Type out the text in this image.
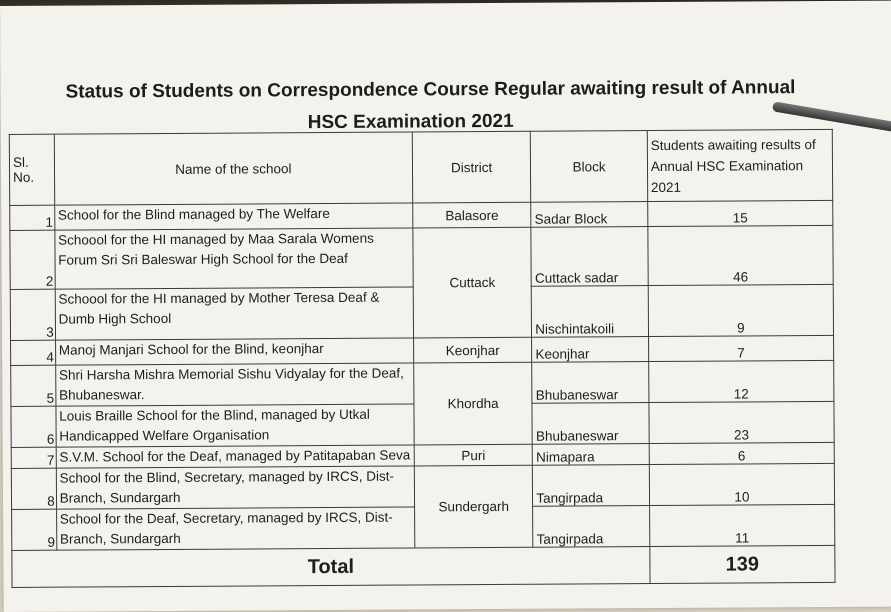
Status of Students on Correspondence Course Regular awaiting result of Annual
HSC Examination 2021
Sl. No.	Name of the school	District	Block	Students awaiting results of Annual HSC Examination 2021
1	School for the Blind managed by The Welfare	Balasore	Sadar Block	15
2	Schoool for the HI managed by Maa Sarala Womens Forum Sri Sri Baleswar High School for the Deaf	Cuttack	Cuttack sadar	46
3	Schoool for the HI managed by Mother Teresa Deaf & Dumb High School		Nischintakoili	9
4	Manoj Manjari School for the Blind, keonjhar	Keonjhar	Keonjhar	7
5	Shri Harsha Mishra Memorial Sishu Vidyalay for the Deaf, Bhubaneswar.	Khordha	Bhubaneswar	12
6	Louis Braille School for the Blind, managed by Utkal Handicapped Welfare Organisation		Bhubaneswar	23
7	S.V.M. School for the Deaf, managed by Patitapaban Seva	Puri	Nimapara	6
8	School for the Blind, Secretary, managed by IRCS, Dist-Branch, Sundargarh	Sundergarh	Tangirpada	10
9	School for the Deaf, Secretary, managed by IRCS, Dist-Branch, Sundargarh		Tangirpada	11
Total				139
